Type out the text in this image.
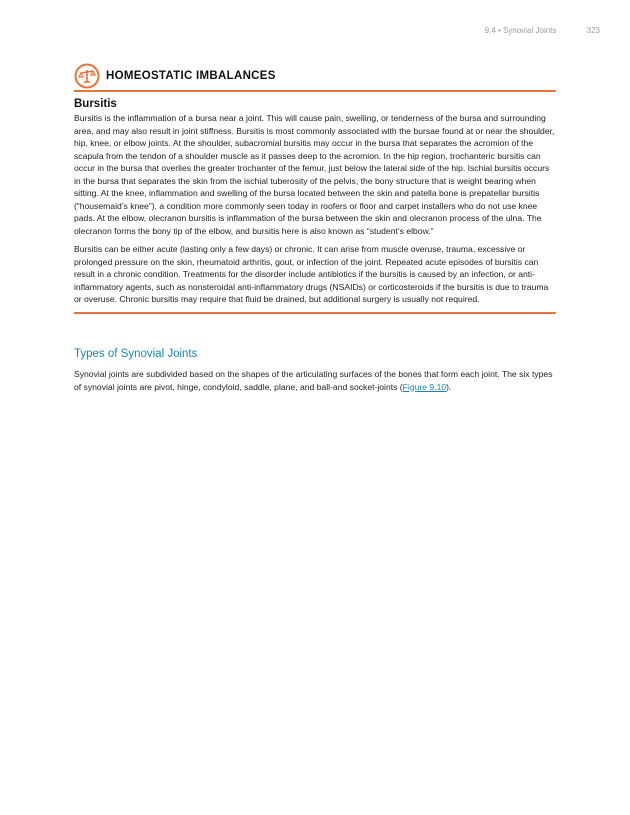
9.4 • Synovial Joints	323
HOMEOSTATIC IMBALANCES
Bursitis

Bursitis is the inflammation of a bursa near a joint. This will cause pain, swelling, or tenderness of the bursa and surrounding area, and may also result in joint stiffness. Bursitis is most commonly associated with the bursae found at or near the shoulder, hip, knee, or elbow joints. At the shoulder, subacromial bursitis may occur in the bursa that separates the acromion of the scapula from the tendon of a shoulder muscle as it passes deep to the acromion. In the hip region, trochanteric bursitis can occur in the bursa that overlies the greater trochanter of the femur, just below the lateral side of the hip. Ischial bursitis occurs in the bursa that separates the skin from the ischial tuberosity of the pelvis, the bony structure that is weight bearing when sitting. At the knee, inflammation and swelling of the bursa located between the skin and patella bone is prepatellar bursitis (“housemaid’s knee”), a condition more commonly seen today in roofers or floor and carpet installers who do not use knee pads. At the elbow, olecranon bursitis is inflammation of the bursa between the skin and olecranon process of the ulna. The olecranon forms the bony tip of the elbow, and bursitis here is also known as “student’s elbow.”

Bursitis can be either acute (lasting only a few days) or chronic. It can arise from muscle overuse, trauma, excessive or prolonged pressure on the skin, rheumatoid arthritis, gout, or infection of the joint. Repeated acute episodes of bursitis can result in a chronic condition. Treatments for the disorder include antibiotics if the bursitis is caused by an infection, or anti-inflammatory agents, such as nonsteroidal anti-inflammatory drugs (NSAIDs) or corticosteroids if the bursitis is due to trauma or overuse. Chronic bursitis may require that fluid be drained, but additional surgery is usually not required.

Types of Synovial Joints

Synovial joints are subdivided based on the shapes of the articulating surfaces of the bones that form each joint. The six types of synovial joints are pivot, hinge, condyloid, saddle, plane, and ball-and socket-joints (Figure 9.10).
